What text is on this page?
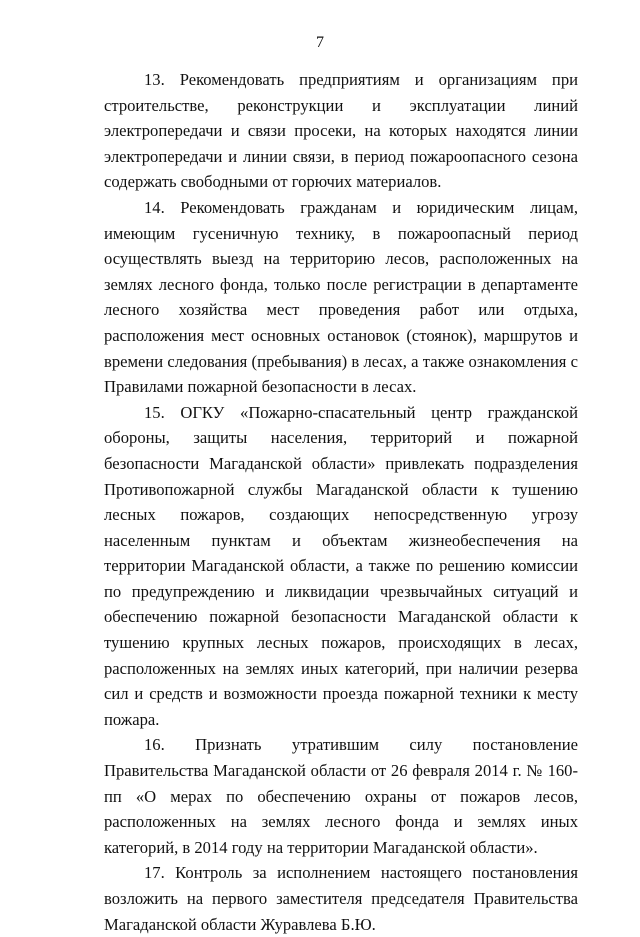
7

13. Рекомендовать предприятиям и организациям при строительстве, реконструкции и эксплуатации линий электропередачи и связи просеки, на которых находятся линии электропередачи и линии связи, в период пожароопасного сезона содержать свободными от горючих материалов.

14. Рекомендовать гражданам и юридическим лицам, имеющим гусеничную технику, в пожароопасный период осуществлять выезд на территорию лесов, расположенных на землях лесного фонда, только после регистрации в департаменте лесного хозяйства мест проведения работ или отдыха, расположения мест основных остановок (стоянок), маршрутов и времени следования (пребывания) в лесах, а также ознакомления с Правилами пожарной безопасности в лесах.

15. ОГКУ «Пожарно-спасательный центр гражданской обороны, защиты населения, территорий и пожарной безопасности Магаданской области» привлекать подразделения Противопожарной службы Магаданской области к тушению лесных пожаров, создающих непосредственную угрозу населенным пунктам и объектам жизнеобеспечения на территории Магаданской области, а также по решению комиссии по предупреждению и ликвидации чрезвычайных ситуаций и обеспечению пожарной безопасности Магаданской области к тушению крупных лесных пожаров, происходящих в лесах, расположенных на землях иных категорий, при наличии резерва сил и средств и возможности проезда пожарной техники к месту пожара.

16. Признать утратившим силу постановление Правительства Магаданской области от 26 февраля 2014 г. № 160-пп «О мерах по обеспечению охраны от пожаров лесов, расположенных на землях лесного фонда и землях иных категорий, в 2014 году на территории Магаданской области».

17. Контроль за исполнением настоящего постановления возложить на первого заместителя председателя Правительства Магаданской области Журавлева Б.Ю.
